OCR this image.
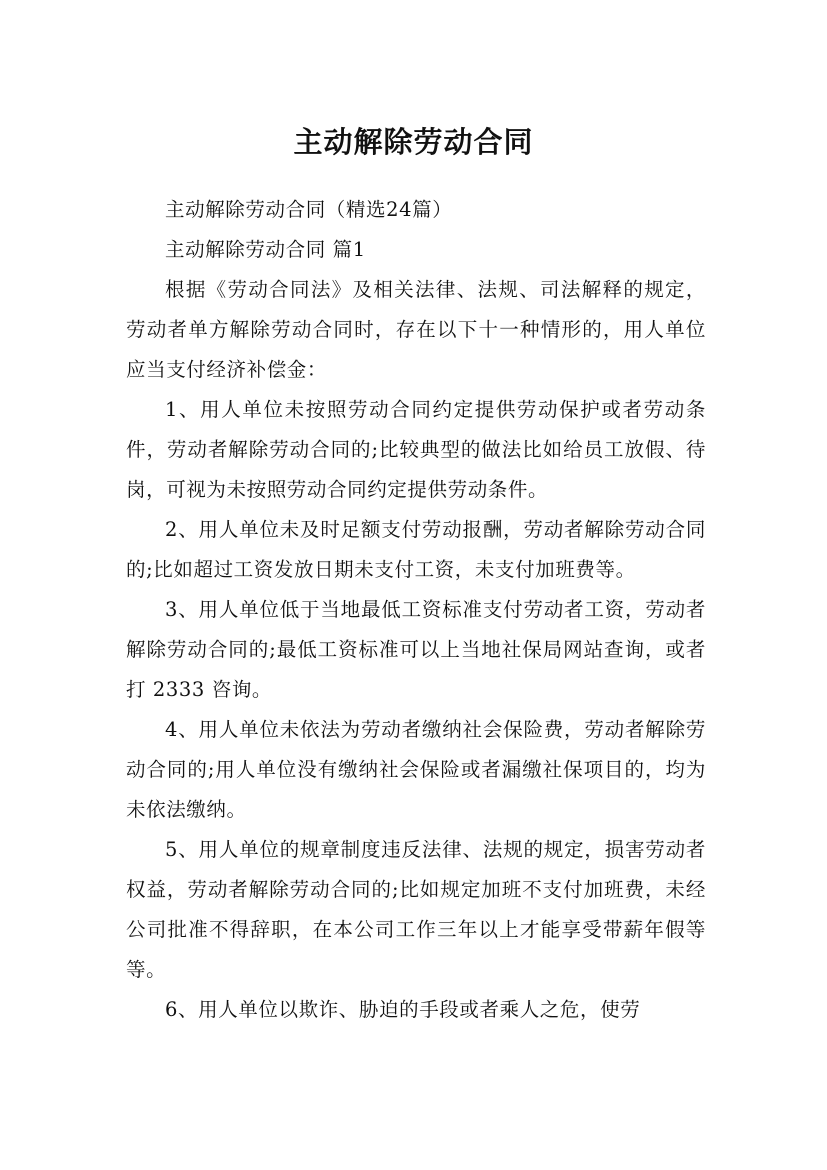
主动解除劳动合同

主动解除劳动合同（精选24篇）

主动解除劳动合同 篇1

根据《劳动合同法》及相关法律、法规、司法解释的规定，劳动者单方解除劳动合同时，存在以下十一种情形的，用人单位应当支付经济补偿金：

1、用人单位未按照劳动合同约定提供劳动保护或者劳动条件，劳动者解除劳动合同的;比较典型的做法比如给员工放假、待岗，可视为未按照劳动合同约定提供劳动条件。

2、用人单位未及时足额支付劳动报酬，劳动者解除劳动合同的;比如超过工资发放日期未支付工资，未支付加班费等。

3、用人单位低于当地最低工资标准支付劳动者工资，劳动者解除劳动合同的;最低工资标准可以上当地社保局网站查询，或者打 2333 咨询。

4、用人单位未依法为劳动者缴纳社会保险费，劳动者解除劳动合同的;用人单位没有缴纳社会保险或者漏缴社保项目的，均为未依法缴纳。

5、用人单位的规章制度违反法律、法规的规定，损害劳动者权益，劳动者解除劳动合同的;比如规定加班不支付加班费，未经公司批准不得辞职，在本公司工作三年以上才能享受带薪年假等等。

6、用人单位以欺诈、胁迫的手段或者乘人之危，使劳
